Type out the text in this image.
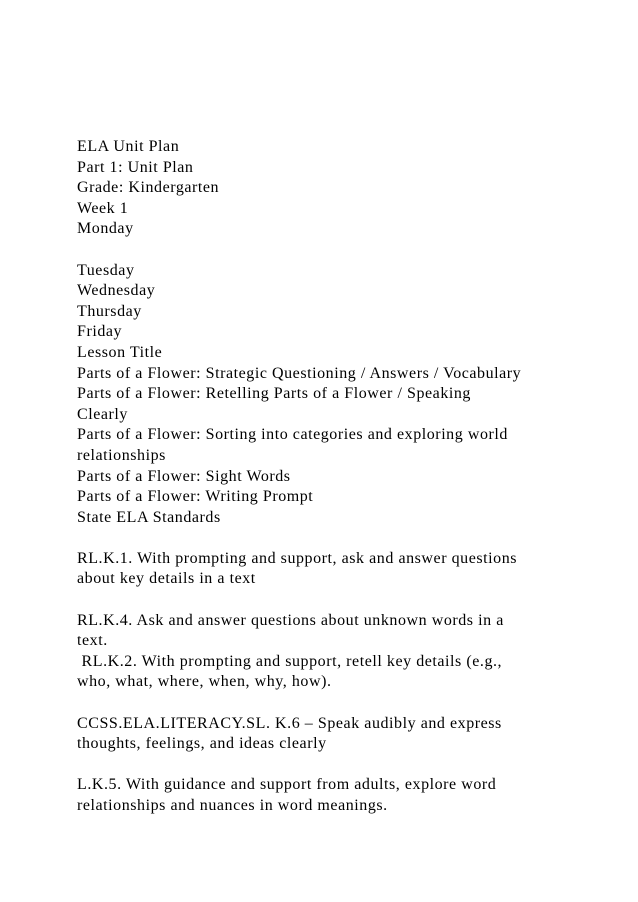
ELA Unit Plan
Part 1: Unit Plan
Grade: Kindergarten
Week 1
Monday
Tuesday
Wednesday
Thursday
Friday
Lesson Title
Parts of a Flower: Strategic Questioning / Answers / Vocabulary
Parts of a Flower: Retelling Parts of a Flower / Speaking
Clearly
Parts of a Flower: Sorting into categories and exploring world
relationships
Parts of a Flower: Sight Words
Parts of a Flower: Writing Prompt
State ELA Standards
RL.K.1. With prompting and support, ask and answer questions
about key details in a text
RL.K.4. Ask and answer questions about unknown words in a
text.
RL.K.2. With prompting and support, retell key details (e.g.,
who, what, where, when, why, how).
CCSS.ELA.LITERACY.SL. K.6 – Speak audibly and express
thoughts, feelings, and ideas clearly
L.K.5. With guidance and support from adults, explore word
relationships and nuances in word meanings.
